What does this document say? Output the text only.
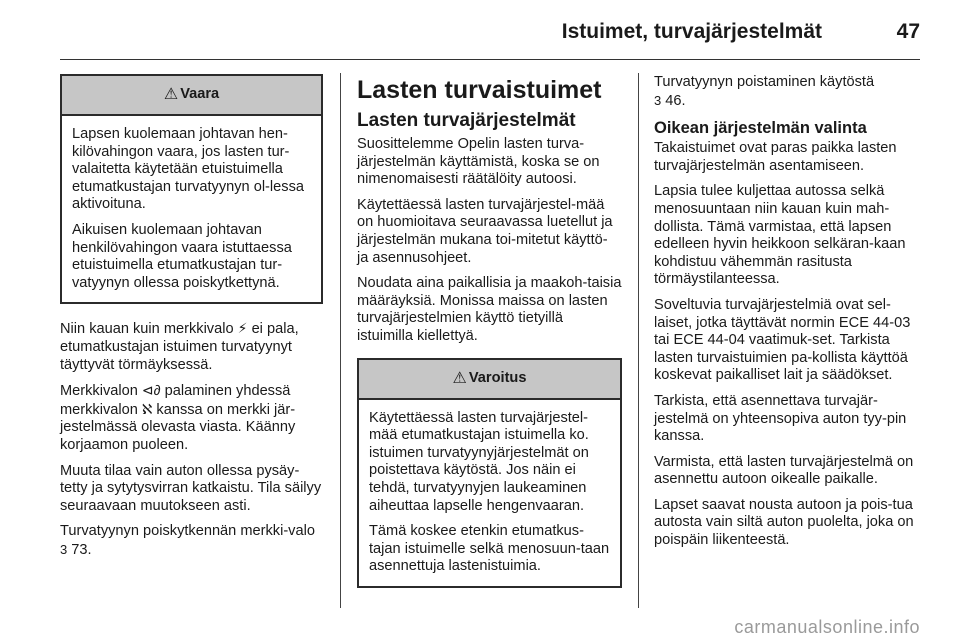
Istuimet, turvajärjestelmät	47
⚠ Vaara

Lapsen kuolemaan johtavan hen-kilövahingon vaara, jos lasten tur-valaitetta käytetään etuistuimella etumatkustajan turvatyynyn ol-lessa aktivoituna.

Aikuisen kuolemaan johtavan henkilövahingon vaara istuttaessa etuistuimella etumatkustajan tur-vatyynyn ollessa poiskytkettynä.

Niin kauan kuin merkkivalo ⚡ ei pala, etumatkustajan istuimen turvatyynyt täyttyvät törmäyksessä.

Merkkivalon ⊲∂ palaminen yhdessä merkkivalon ℵ kanssa on merkki jär-jestelmässä olevasta viasta. Käänny korjaamon puoleen.

Muuta tilaa vain auton ollessa pysäy-tetty ja sytytysvirran katkaistu. Tila säilyy seuraavaan muutokseen asti.

Turvatyynyn poiskytkennän merkki-valo 3 73.

Lasten turvaistuimet
Lasten turvajärjestelmät

Suosittelemme Opelin lasten turva-järjestelmän käyttämistä, koska se on nimenomaisesti räätälöity autoosi.

Käytettäessä lasten turvajärjestel-mää on huomioitava seuraavassa luetellut ja järjestelmän mukana toi-mitetut käyttö- ja asennusohjeet.

Noudata aina paikallisia ja maakoh-taisia määräyksiä. Monissa maissa on lasten turvajärjestelmien käyttö tietyillä istuimilla kiellettyä.

⚠ Varoitus

Käytettäessä lasten turvajärjestel-mää etumatkustajan istuimella ko. istuimen turvatyynyjärjestelmät on poistettava käytöstä. Jos näin ei tehdä, turvatyynyjen laukeaminen aiheuttaa lapselle hengenvaaran.

Tämä koskee etenkin etumatkus-tajan istuimelle selkä menosuun-taan asennettuja lastenistuimia.

Turvatyynyn poistaminen käytöstä
3 46.

Oikean järjestelmän valinta

Takaistuimet ovat paras paikka lasten turvajärjestelmän asentamiseen.

Lapsia tulee kuljettaa autossa selkä menosuuntaan niin kauan kuin mah-dollista. Tämä varmistaa, että lapsen edelleen hyvin heikkoon selkäran-kaan kohdistuu vähemmän rasitusta törmäystilanteessa.

Soveltuvia turvajärjestelmiä ovat sel-laiset, jotka täyttävät normin ECE 44-03 tai ECE 44-04 vaatimuk-set. Tarkista lasten turvaistuimien pa-kollista käyttöä koskevat paikalliset lait ja säädökset.

Tarkista, että asennettava turvajär-jestelmä on yhteensopiva auton tyy-pin kanssa.

Varmista, että lasten turvajärjestelmä on asennettu autoon oikealle paikalle.

Lapset saavat nousta autoon ja pois-tua autosta vain siltä auton puolelta, joka on poispäin liikenteestä.

carmanualsonline.info
